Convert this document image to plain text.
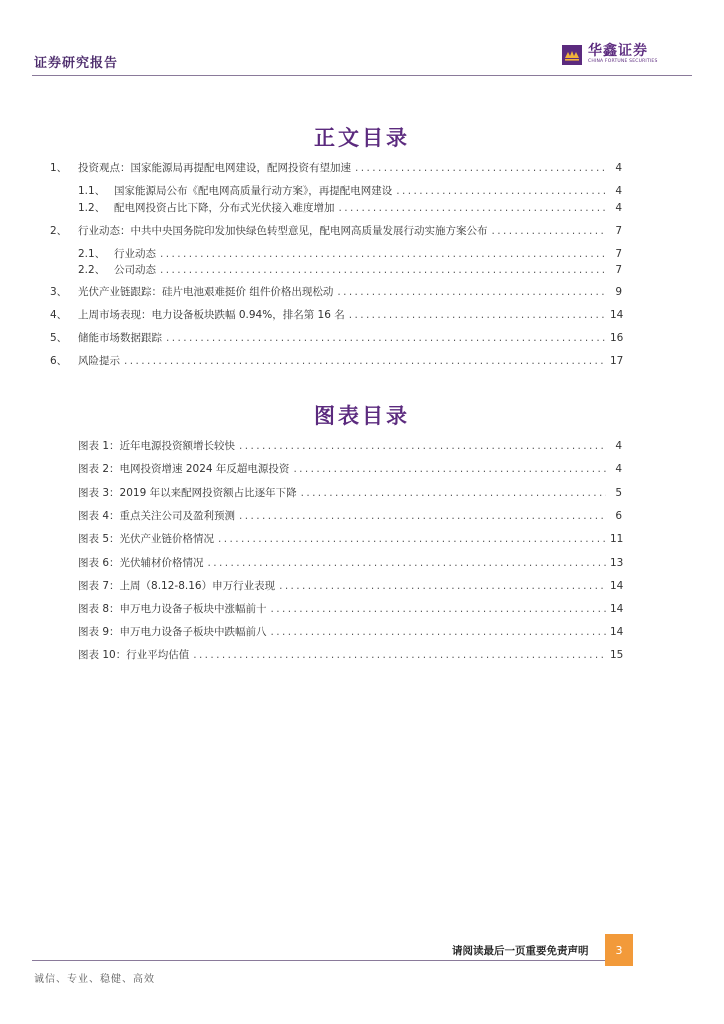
证券研究报告
华鑫证券
CHINA FORTUNE SECURITIES
正文目录
1、	投资观点：国家能源局再提配电网建设，配网投资有望加速 .....	4
1.1、 国家能源局公布《配电网高质量行动方案》，再提配电网建设 .....	4
1.2、 配电网投资占比下降，分布式光伏接入难度增加 .....	4
2、	行业动态：中共中央国务院印发加快绿色转型意见，配电网高质量发展行动实施方案公布 .....	7
2.1、 行业动态 .....	7
2.2、 公司动态 .....	7
3、	光伏产业链跟踪：硅片电池艰难挺价 组件价格出现松动 .....	9
4、	上周市场表现：电力设备板块跌幅 0.94%，排名第 16 名 .....	14
5、	储能市场数据跟踪 .....	16
6、	风险提示 .....	17
图表目录
图表 1： 近年电源投资额增长较快 .....	4
图表 2： 电网投资增速 2024 年反超电源投资 .....	4
图表 3： 2019 年以来配网投资额占比逐年下降 .....	5
图表 4： 重点关注公司及盈利预测 .....	6
图表 5： 光伏产业链价格情况 .....	11
图表 6： 光伏辅材价格情况 .....	13
图表 7： 上周（8.12-8.16）申万行业表现 .....	14
图表 8： 申万电力设备子板块中涨幅前十 .....	14
图表 9： 申万电力设备子板块中跌幅前八 .....	14
图表 10： 行业平均估值 .....	15
请阅读最后一页重要免责声明	3
诚信、专业、稳健、高效
